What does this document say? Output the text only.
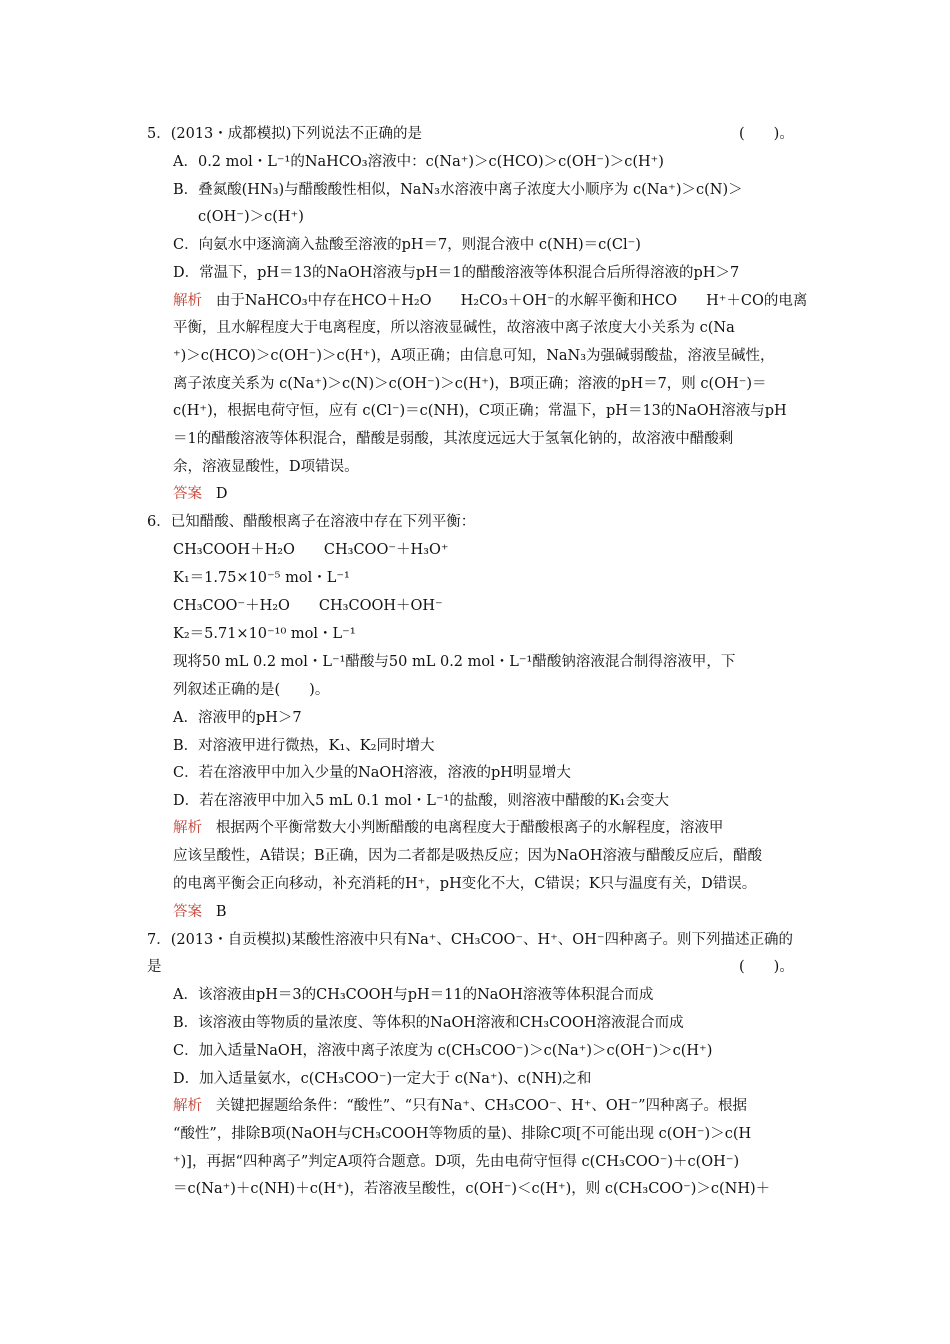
5．(2013・成都模拟)下列说法不正确的是	(　　)。
A．0.2 mol・L⁻¹的NaHCO₃溶液中：c(Na⁺)＞c(HCO)＞c(OH⁻)＞c(H⁺)
B．叠氮酸(HN₃)与醋酸酸性相似，NaN₃水溶液中离子浓度大小顺序为 c(Na⁺)＞c(N)＞
c(OH⁻)＞c(H⁺)
C．向氨水中逐滴滴入盐酸至溶液的pH＝7，则混合液中 c(NH)＝c(Cl⁻)
D．常温下，pH＝13的NaOH溶液与pH＝1的醋酸溶液等体积混合后所得溶液的pH＞7
解析 由于NaHCO₃中存在HCO＋H₂O　　H₂CO₃＋OH⁻的水解平衡和HCO　　H⁺＋CO的电离
平衡，且水解程度大于电离程度，所以溶液显碱性，故溶液中离子浓度大小关系为 c(Na
⁺)＞c(HCO)＞c(OH⁻)＞c(H⁺)，A项正确；由信息可知，NaN₃为强碱弱酸盐，溶液呈碱性，
离子浓度关系为 c(Na⁺)＞c(N)＞c(OH⁻)＞c(H⁺)，B项正确；溶液的pH＝7，则 c(OH⁻)＝
c(H⁺)，根据电荷守恒，应有 c(Cl⁻)＝c(NH)，C项正确；常温下，pH＝13的NaOH溶液与pH
＝1的醋酸溶液等体积混合，醋酸是弱酸，其浓度远远大于氢氧化钠的，故溶液中醋酸剩
余，溶液显酸性，D项错误。
答案 D
6．已知醋酸、醋酸根离子在溶液中存在下列平衡：
CH₃COOH＋H₂O　　CH₃COO⁻＋H₃O⁺
K₁＝1.75×10⁻⁵ mol・L⁻¹
CH₃COO⁻＋H₂O　　CH₃COOH＋OH⁻
K₂＝5.71×10⁻¹⁰ mol・L⁻¹
现将50 mL 0.2 mol・L⁻¹醋酸与50 mL 0.2 mol・L⁻¹醋酸钠溶液混合制得溶液甲，下
列叙述正确的是(　　)。
A．溶液甲的pH＞7
B．对溶液甲进行微热，K₁、K₂同时增大
C．若在溶液甲中加入少量的NaOH溶液，溶液的pH明显增大
D．若在溶液甲中加入5 mL 0.1 mol・L⁻¹的盐酸，则溶液中醋酸的K₁会变大
解析 根据两个平衡常数大小判断醋酸的电离程度大于醋酸根离子的水解程度，溶液甲
应该呈酸性，A错误；B正确，因为二者都是吸热反应；因为NaOH溶液与醋酸反应后，醋酸
的电离平衡会正向移动，补充消耗的H⁺，pH变化不大，C错误；K只与温度有关，D错误。
答案 B
7．(2013・自贡模拟)某酸性溶液中只有Na⁺、CH₃COO⁻、H⁺、OH⁻四种离子。则下列描述正确的
是	(　　)。
A．该溶液由pH＝3的CH₃COOH与pH＝11的NaOH溶液等体积混合而成
B．该溶液由等物质的量浓度、等体积的NaOH溶液和CH₃COOH溶液混合而成
C．加入适量NaOH，溶液中离子浓度为 c(CH₃COO⁻)＞c(Na⁺)＞c(OH⁻)＞c(H⁺)
D．加入适量氨水，c(CH₃COO⁻)一定大于 c(Na⁺)、c(NH)之和
解析 关键把握题给条件：“酸性”、“只有Na⁺、CH₃COO⁻、H⁺、OH⁻”四种离子。根据
“酸性”，排除B项(NaOH与CH₃COOH等物质的量)、排除C项[不可能出现 c(OH⁻)＞c(H
⁺)]，再据“四种离子”判定A项符合题意。D项，先由电荷守恒得 c(CH₃COO⁻)＋c(OH⁻)
＝c(Na⁺)＋c(NH)＋c(H⁺)，若溶液呈酸性，c(OH⁻)＜c(H⁺)，则 c(CH₃COO⁻)＞c(NH)＋
